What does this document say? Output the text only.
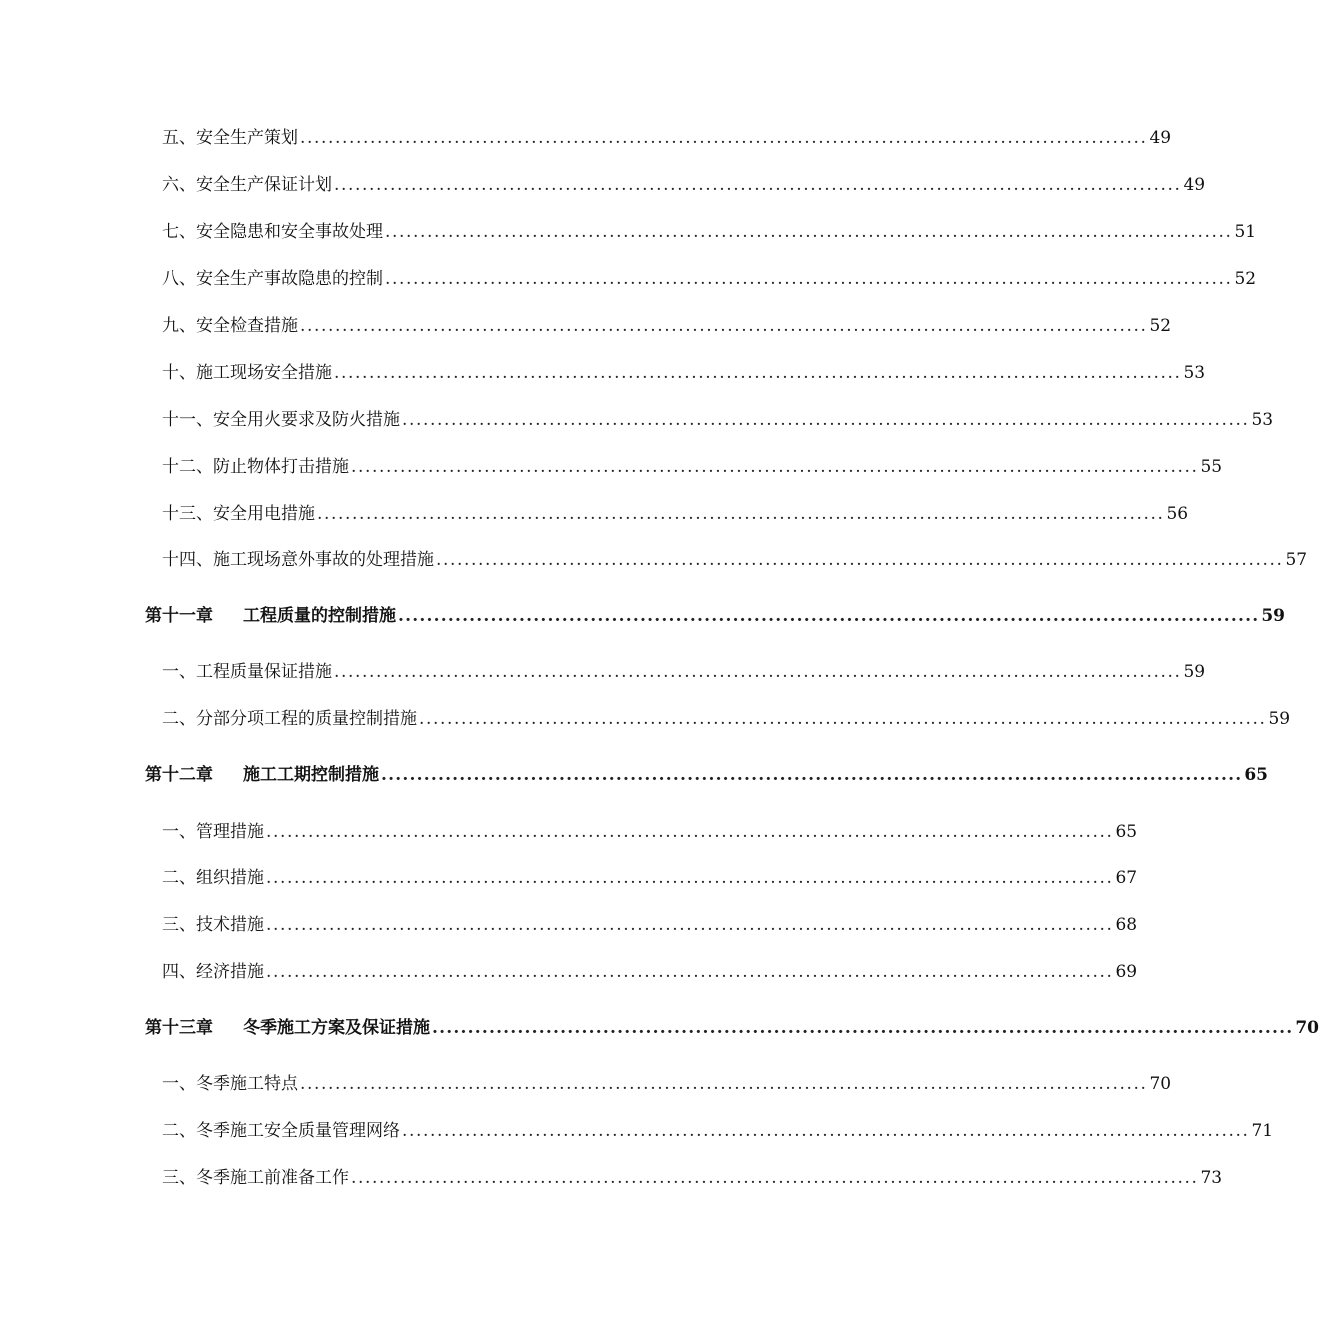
五、安全生产策划 ......................................................................................................................... 49
六、安全生产保证计划 ......................................................................................................................... 49
七、安全隐患和安全事故处理 ......................................................................................................................... 51
八、安全生产事故隐患的控制 ......................................................................................................................... 52
九、安全检查措施 ......................................................................................................................... 52
十、施工现场安全措施 ......................................................................................................................... 53
十一、安全用火要求及防火措施 ......................................................................................................................... 53
十二、防止物体打击措施 ......................................................................................................................... 55
十三、安全用电措施 ......................................................................................................................... 56
十四、施工现场意外事故的处理措施 ......................................................................................................................... 57
第十一章 工程质量的控制措施 ......................................................................................................................... 59
一、工程质量保证措施 ......................................................................................................................... 59
二、分部分项工程的质量控制措施 ......................................................................................................................... 59
第十二章 施工工期控制措施 ......................................................................................................................... 65
一、管理措施 ......................................................................................................................... 65
二、组织措施 ......................................................................................................................... 67
三、技术措施 ......................................................................................................................... 68
四、经济措施 ......................................................................................................................... 69
第十三章 冬季施工方案及保证措施 ......................................................................................................................... 70
一、冬季施工特点 ......................................................................................................................... 70
二、冬季施工安全质量管理网络 ......................................................................................................................... 71
三、冬季施工前准备工作 ......................................................................................................................... 73
